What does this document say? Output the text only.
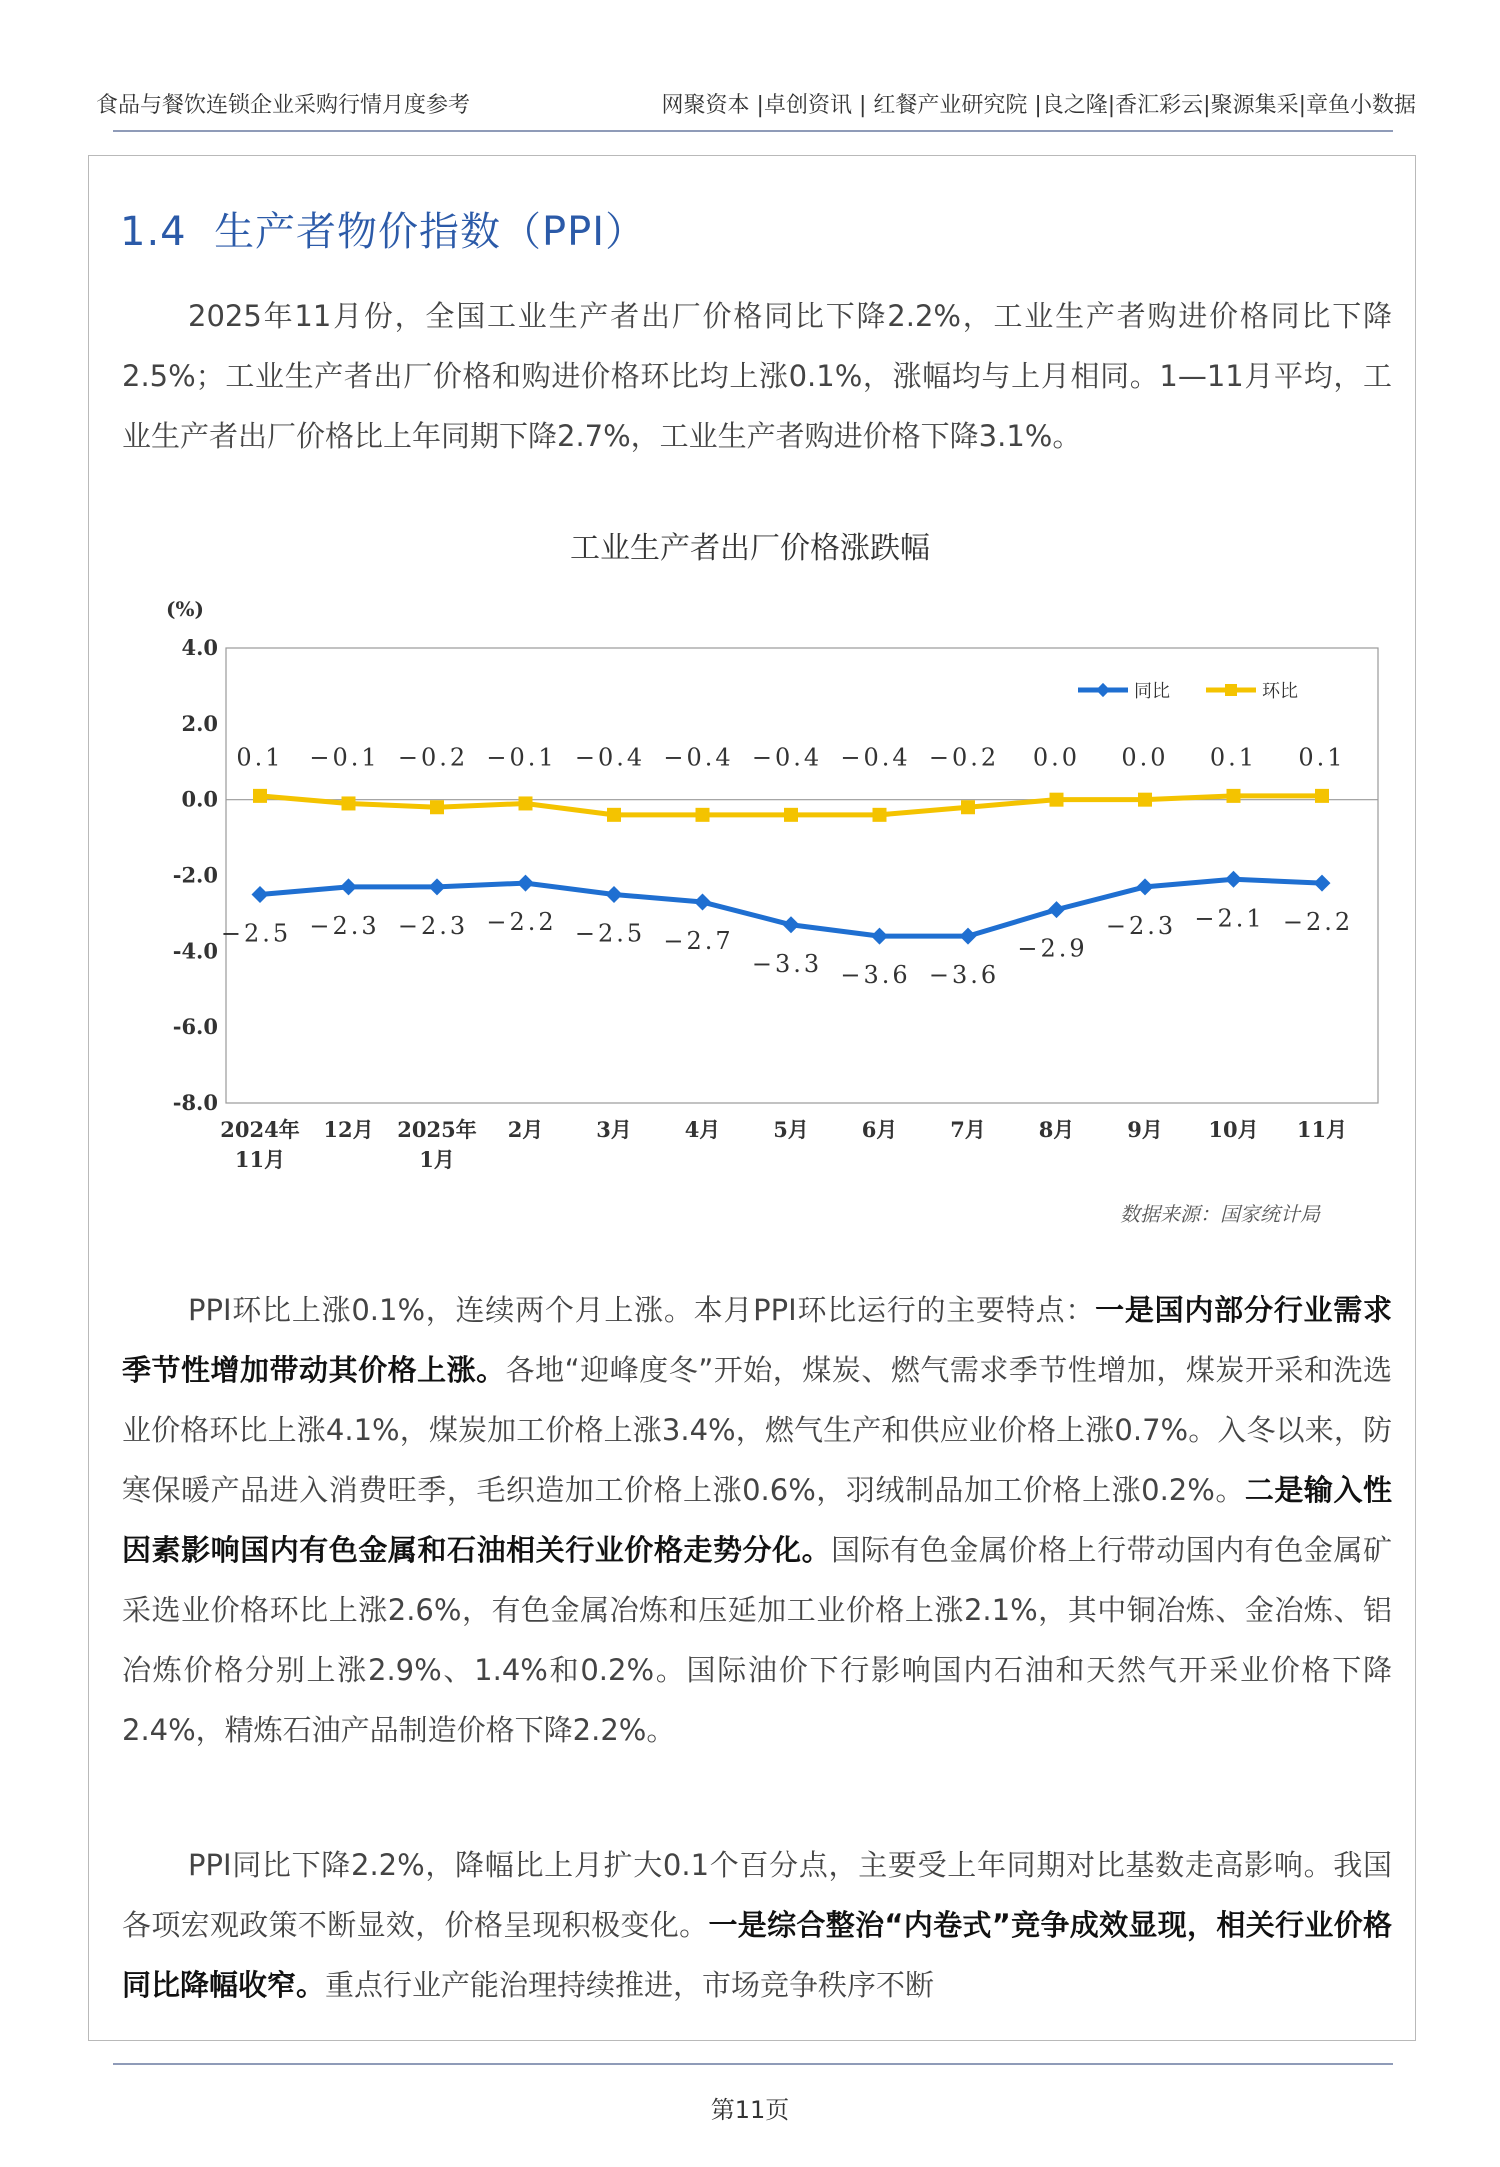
食品与餐饮连锁企业采购行情月度参考	网聚资本 |卓创资讯 | 红餐产业研究院 |良之隆|香汇彩云|聚源集采|章鱼小数据
1.4 生产者物价指数（PPI）

2025年11月份，全国工业生产者出厂价格同比下降2.2%，工业生产者购进价格同比下降2.5%；工业生产者出厂价格和购进价格环比均上涨0.1%，涨幅均与上月相同。1—11月平均，工业生产者出厂价格比上年同期下降2.7%，工业生产者购进价格下降3.1%。

工业生产者出厂价格涨跌幅
(%)
4.0
2.0
0.0
-2.0
-4.0
-6.0
-8.0
2024年
11月
12月 2025年
1月
2月	3月	4月	5月	6月	7月	8月	9月 10月 11月
−2.5 −2.3 −2.3 −2.2 −2.5 −2.7
−3.3 −3.6 −3.6
−2.9
−2.3 −2.1 −2.2
0.1 −0.1 −0.2 −0.1 −0.4 −0.4 −0.4 −0.4 −0.2 0.0 0.0 0.1 0.1
同比	环比
数据来源：国家统计局

PPI环比上涨0.1%，连续两个月上涨。本月PPI环比运行的主要特点：一是国内部分行业需求季节性增加带动其价格上涨。各地“迎峰度冬”开始，煤炭、燃气需求季节性增加，煤炭开采和洗选业价格环比上涨4.1%，煤炭加工价格上涨3.4%，燃气生产和供应业价格上涨0.7%。入冬以来，防寒保暖产品进入消费旺季，毛织造加工价格上涨0.6%，羽绒制品加工价格上涨0.2%。二是输入性因素影响国内有色金属和石油相关行业价格走势分化。国际有色金属价格上行带动国内有色金属矿采选业价格环比上涨2.6%，有色金属冶炼和压延加工业价格上涨2.1%，其中铜冶炼、金冶炼、铝冶炼价格分别上涨2.9%、1.4%和0.2%。国际油价下行影响国内石油和天然气开采业价格下降2.4%，精炼石油产品制造价格下降2.2%。

PPI同比下降2.2%，降幅比上月扩大0.1个百分点，主要受上年同期对比基数走高影响。我国各项宏观政策不断显效，价格呈现积极变化。一是综合整治“内卷式”竞争成效显现，相关行业价格同比降幅收窄。重点行业产能治理持续推进，市场竞争秩序不断

第11页
